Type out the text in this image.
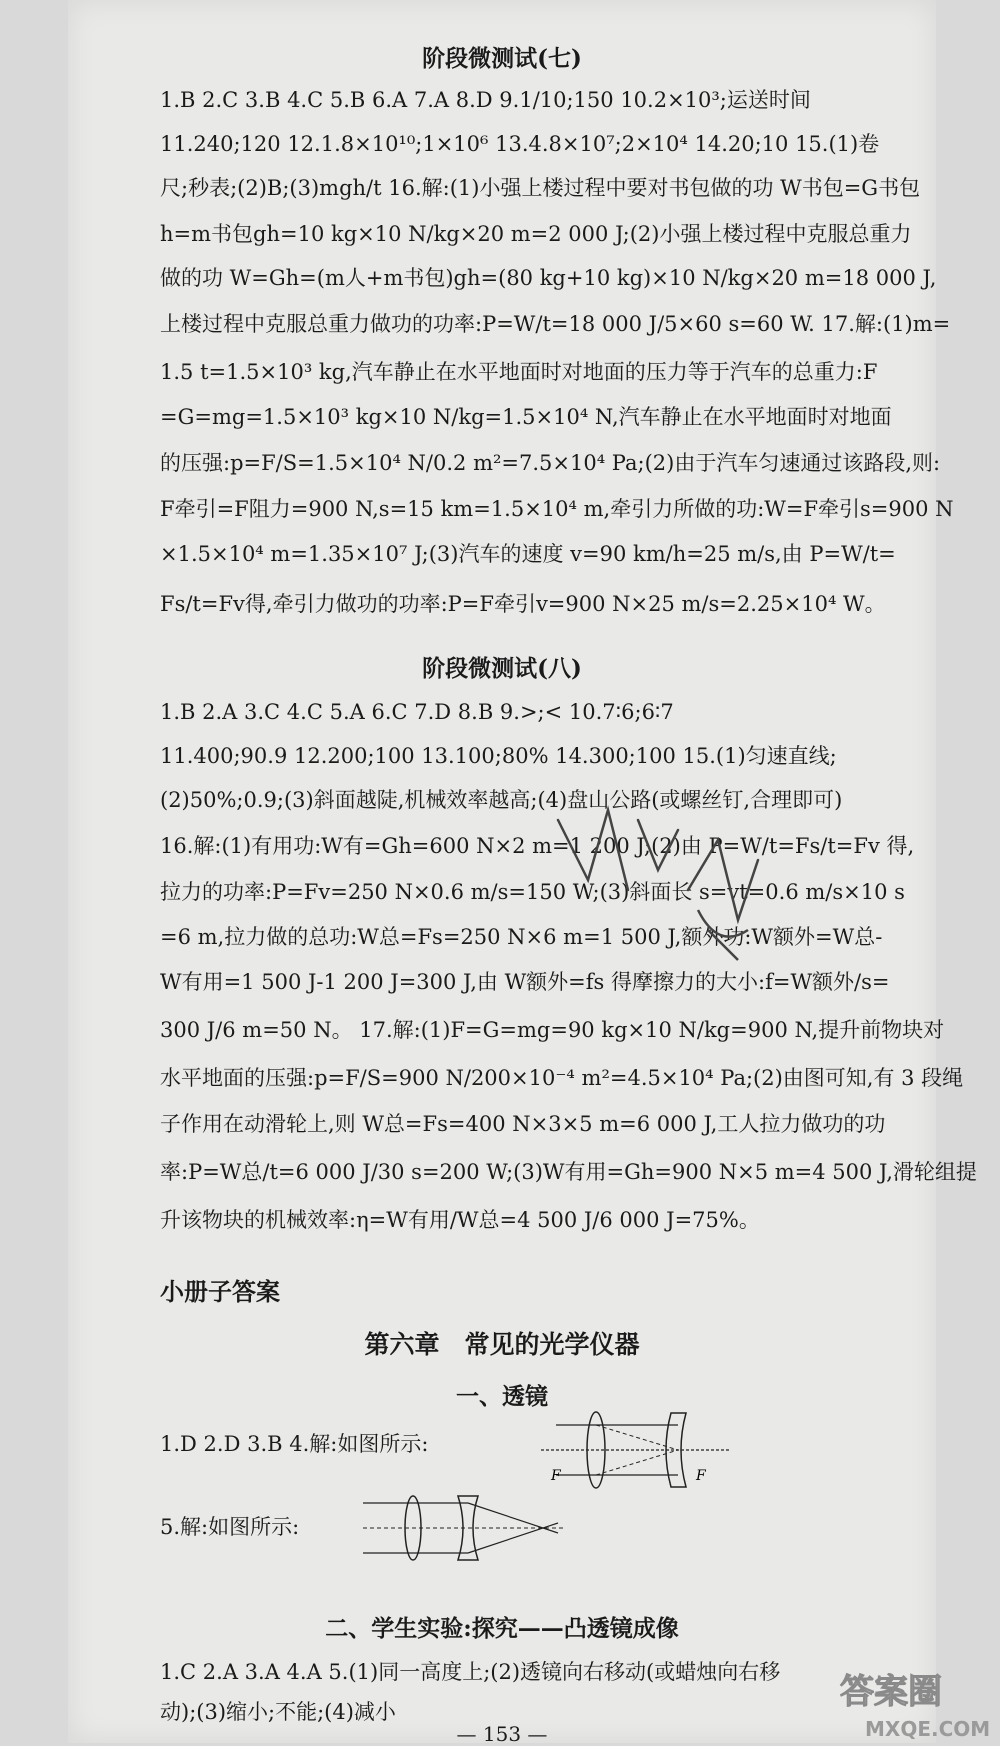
阶段微测试(七)
1.B 2.C 3.B 4.C 5.B 6.A 7.A 8.D 9.1/10;150 10.2×10³;运送时间
11.240;120 12.1.8×10¹⁰;1×10⁶ 13.4.8×10⁷;2×10⁴ 14.20;10 15.(1)卷
尺;秒表;(2)B;(3)mgh/t 16.解:(1)小强上楼过程中要对书包做的功 W书包=G书包
h=m书包gh=10 kg×10 N/kg×20 m=2 000 J;(2)小强上楼过程中克服总重力
做的功 W=Gh=(m人+m书包)gh=(80 kg+10 kg)×10 N/kg×20 m=18 000 J,
上楼过程中克服总重力做功的功率:P=W/t=18 000 J/5×60 s=60 W. 17.解:(1)m=
1.5 t=1.5×10³ kg,汽车静止在水平地面时对地面的压力等于汽车的总重力:F
=G=mg=1.5×10³ kg×10 N/kg=1.5×10⁴ N,汽车静止在水平地面时对地面
的压强:p=F/S=1.5×10⁴ N/0.2 m²=7.5×10⁴ Pa;(2)由于汽车匀速通过该路段,则:
F牵引=F阻力=900 N,s=15 km=1.5×10⁴ m,牵引力所做的功:W=F牵引s=900 N
×1.5×10⁴ m=1.35×10⁷ J;(3)汽车的速度 v=90 km/h=25 m/s,由 P=W/t=
Fs/t=Fv得,牵引力做功的功率:P=F牵引v=900 N×25 m/s=2.25×10⁴ W。
阶段微测试(八)
1.B 2.A 3.C 4.C 5.A 6.C 7.D 8.B 9.>;< 10.7∶6;6∶7
11.400;90.9 12.200;100 13.100;80% 14.300;100 15.(1)匀速直线;
(2)50%;0.9;(3)斜面越陡,机械效率越高;(4)盘山公路(或螺丝钉,合理即可)
16.解:(1)有用功:W有=Gh=600 N×2 m=1 200 J;(2)由 P=W/t=Fs/t=Fv 得,
拉力的功率:P=Fv=250 N×0.6 m/s=150 W;(3)斜面长 s=vt=0.6 m/s×10 s
=6 m,拉力做的总功:W总=Fs=250 N×6 m=1 500 J,额外功:W额外=W总-
W有用=1 500 J-1 200 J=300 J,由 W额外=fs 得摩擦力的大小:f=W额外/s=
300 J/6 m=50 N。 17.解:(1)F=G=mg=90 kg×10 N/kg=900 N,提升前物块对
水平地面的压强:p=F/S=900 N/200×10⁻⁴ m²=4.5×10⁴ Pa;(2)由图可知,有 3 段绳
子作用在动滑轮上,则 W总=Fs=400 N×3×5 m=6 000 J,工人拉力做功的功
率:P=W总/t=6 000 J/30 s=200 W;(3)W有用=Gh=900 N×5 m=4 500 J,滑轮组提
升该物块的机械效率:η=W有用/W总=4 500 J/6 000 J=75%。
小册子答案
第六章　常见的光学仪器
一、透镜
1.D 2.D 3.B 4.解:如图所示:
F	F
5.解:如图所示:
二、学生实验:探究——凸透镜成像
1.C 2.A 3.A 4.A 5.(1)同一高度上;(2)透镜向右移动(或蜡烛向右移
动);(3)缩小;不能;(4)减小
— 153 —
答案圈
MXQE.COM
